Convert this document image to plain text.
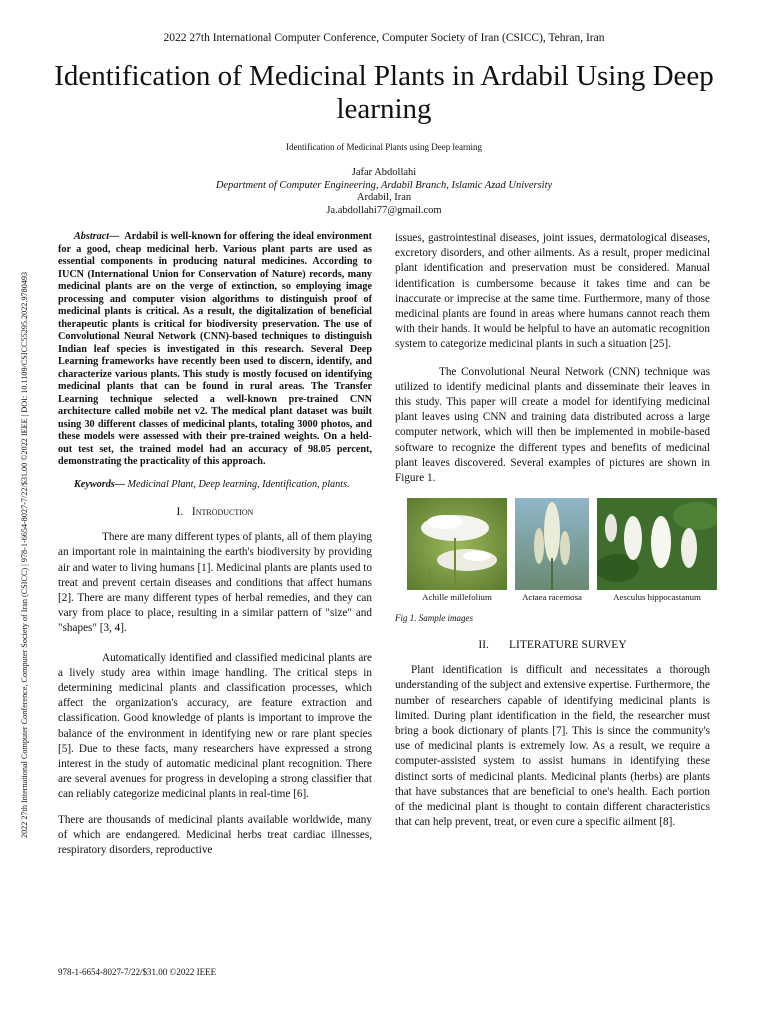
2022 27th International Computer Conference, Computer Society of Iran (CSICC), Tehran, Iran
Identification of Medicinal Plants in Ardabil Using Deep learning
Identification of Medicinal Plants using Deep learning
Jafar Abdollahi
Department of Computer Engineering, Ardabil Branch, Islamic Azad University
Ardabil, Iran
Ja.abdollahi77@gmail.com
2022 27th International Computer Conference, Computer Society of Iran (CSICC) | 978-1-6654-8027-7/22/$31.00 ©2022 IEEE | DOI: 10.1109/CSICC55295.2022.9780493

Abstract— Ardabil is well-known for offering the ideal environment for a good, cheap medicinal herb. Various plant parts are used as essential components in producing natural medicines. According to IUCN (International Union for Conservation of Nature) records, many medicinal plants are on the verge of extinction, so employing image processing and computer vision algorithms to distinguish proof of medicinal plants is critical. As a result, the digitalization of beneficial therapeutic plants is critical for biodiversity preservation. The use of Convolutional Neural Network (CNN)-based techniques to distinguish Indian leaf species is investigated in this research. Several Deep Learning frameworks have recently been used to discern, identify, and characterize various plants. This study is mostly focused on identifying medicinal plants that can be found in rural areas. The Transfer Learning technique selected a well-known pre-trained CNN architecture called mobile net v2. The medical plant dataset was built using 30 different classes of medicinal plants, totaling 3000 photos, and these models were assessed with their pre-trained weights. On a held-out test set, the trained model had an accuracy of 98.05 percent, demonstrating the practicality of this approach.

Keywords— Medicinal Plant, Deep learning, Identification, plants.

I. Introduction

There are many different types of plants, all of them playing an important role in maintaining the earth's biodiversity by providing air and water to living humans [1]. Medicinal plants are plants used to treat and prevent certain diseases and conditions that affect humans [2]. There are many different types of herbal remedies, and they can vary from place to place, resulting in a similar pattern of "size" and "shapes" [3, 4].

Automatically identified and classified medicinal plants are a lively study area within image handling. The critical steps in determining medicinal plants and classification processes, which affect the organization's accuracy, are feature extraction and classification. Good knowledge of plants is important to improve the balance of the environment in identifying new or rare plant species [5]. Due to these facts, many researchers have expressed a strong interest in the study of automatic medicinal plant recognition. There are several avenues for progress in developing a strong classifier that can reliably categorize medicinal plants in real-time [6].

There are thousands of medicinal plants available worldwide, many of which are endangered. Medicinal herbs treat cardiac illnesses, respiratory disorders, reproductive

issues, gastrointestinal diseases, joint issues, dermatological diseases, excretory disorders, and other ailments. As a result, proper medicinal plant identification and preservation must be considered. Manual identification is cumbersome because it takes time and can be inaccurate or imprecise at the same time. Furthermore, many of those medicinal plants are found in areas where humans cannot reach them with their hands. It would be helpful to have an automatic recognition system to categorize medicinal plants in such a situation [25].

The Convolutional Neural Network (CNN) technique was utilized to identify medicinal plants and disseminate their leaves in this study. This paper will create a model for identifying medicinal plant leaves using CNN and training data distributed across a large computer network, which will then be implemented in mobile-based software to recognize the different types and benefits of medicinal plant leaves discovered. Several examples of pictures are shown in Figure 1.

Achille millefolium	Actaea racemosa	Aesculus hippocastanum
Fig 1. Sample images
II. LITERATURE SURVEY

Plant identification is difficult and necessitates a thorough understanding of the subject and extensive expertise. Furthermore, the number of researchers capable of identifying medicinal plants is limited. During plant identification in the field, the researcher must bring a book dictionary of plants [7]. This is since the community's use of medicinal plants is extremely low. As a result, we require a computer-assisted system to assist humans in identifying these distinct sorts of medicinal plants. Medicinal plants (herbs) are plants that have substances that are beneficial to one's health. Each portion of the medicinal plant is thought to contain different characteristics that can help prevent, treat, or even cure a specific ailment [8].

978-1-6654-8027-7/22/$31.00 ©2022 IEEE
